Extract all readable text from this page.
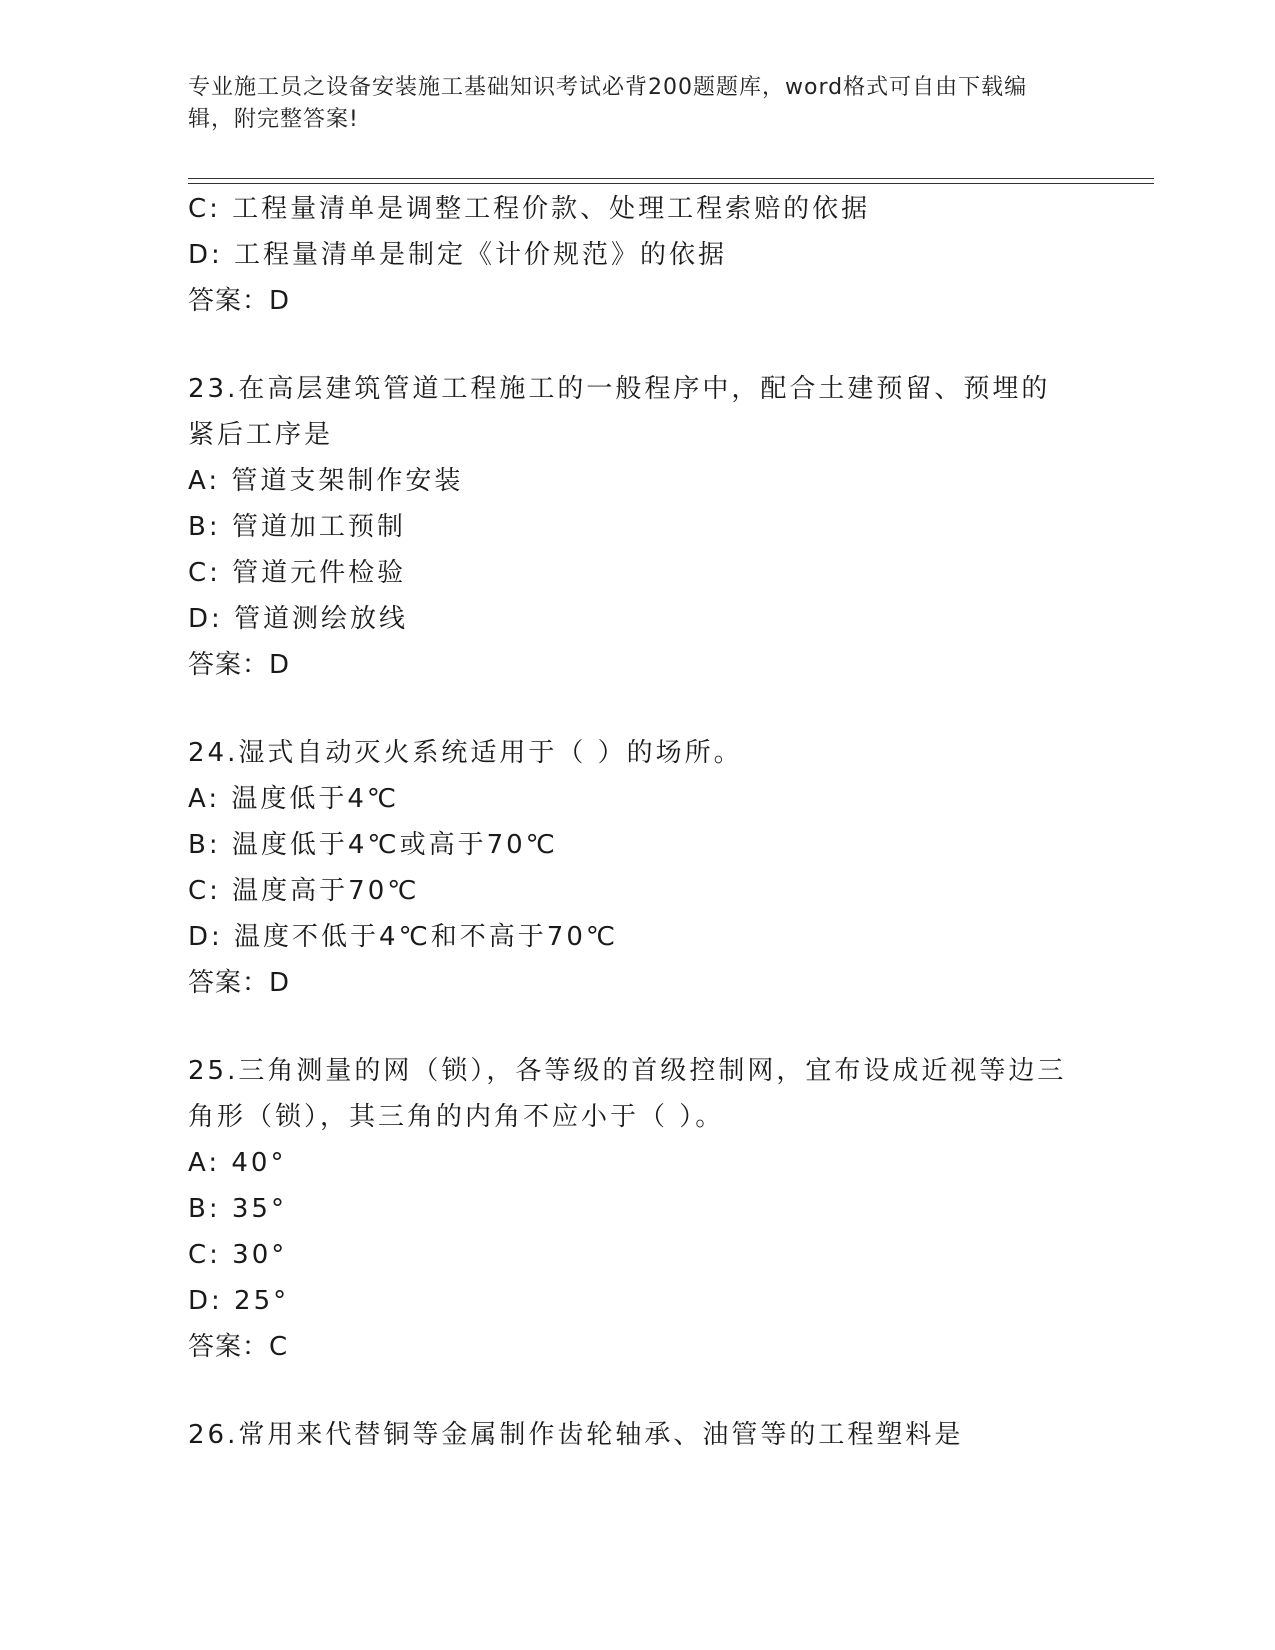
专业施工员之设备安装施工基础知识考试必背200题题库，word格式可自由下载编辑，附完整答案!
C: 工程量清单是调整工程价款、处理工程索赔的依据
D: 工程量清单是制定《计价规范》的依据
答案：D
23.在高层建筑管道工程施工的一般程序中，配合土建预留、预埋的紧后工序是
A: 管道支架制作安装
B: 管道加工预制
C: 管道元件检验
D: 管道测绘放线
答案：D
24.湿式自动灭火系统适用于（ ）的场所。
A: 温度低于4℃
B: 温度低于4℃或高于70℃
C: 温度高于70℃
D: 温度不低于4℃和不高于70℃
答案：D
25.三角测量的网（锁），各等级的首级控制网，宜布设成近视等边三角形（锁），其三角的内角不应小于（ ）。
A: 40°
B: 35°
C: 30°
D: 25°
答案：C
26.常用来代替铜等金属制作齿轮轴承、油管等的工程塑料是
